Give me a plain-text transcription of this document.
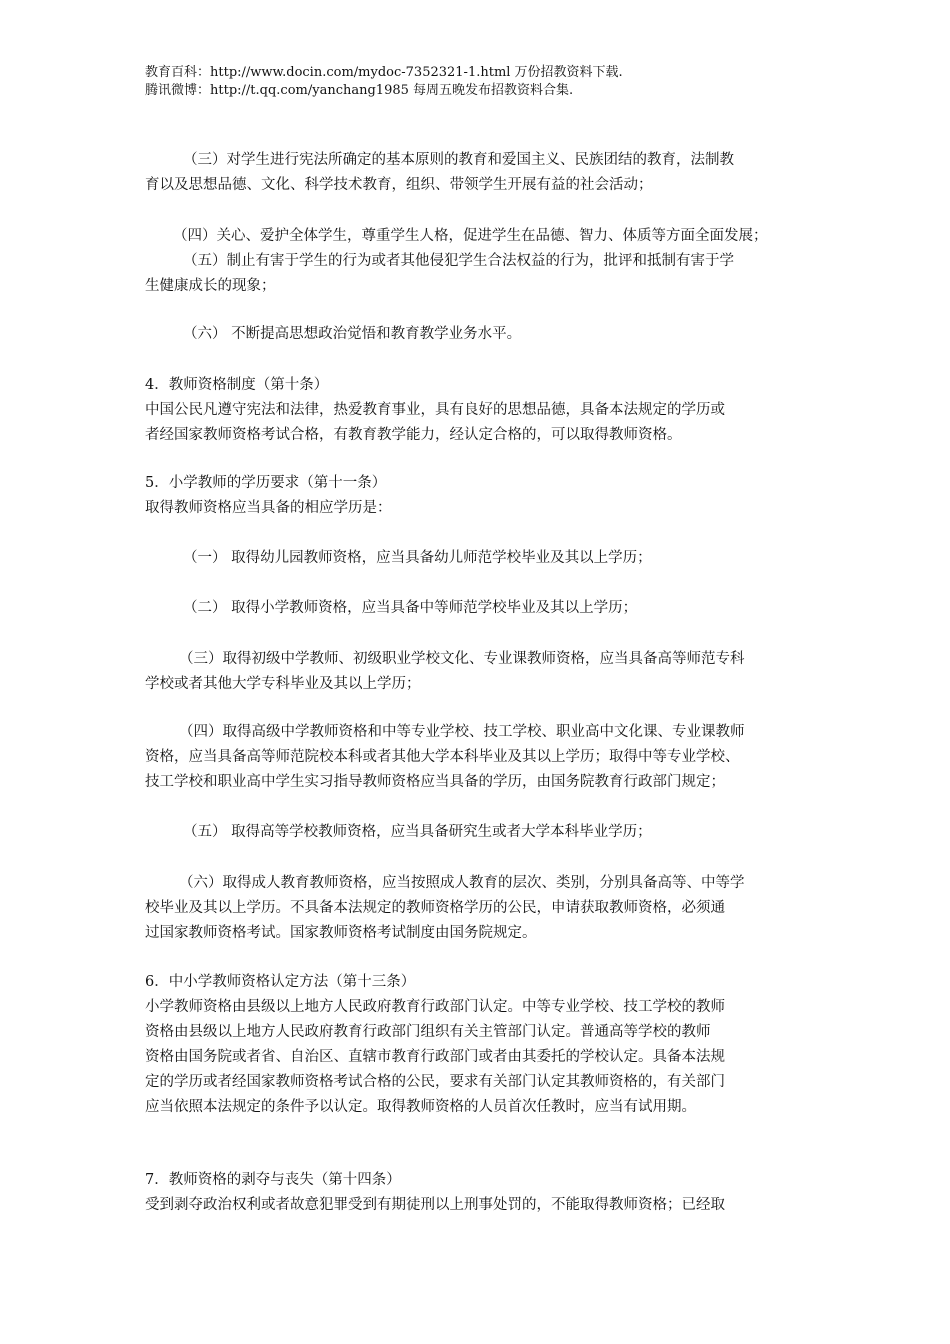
教育百科：http://www.docin.com/mydoc-7352321-1.html 万份招教资料下载.
腾讯微博：http://t.qq.com/yanchang1985 每周五晚发布招教资料合集.
（三）对学生进行宪法所确定的基本原则的教育和爱国主义、民族团结的教育，法制教
育以及思想品德、文化、科学技术教育，组织、带领学生开展有益的社会活动；
（四）关心、爱护全体学生，尊重学生人格，促进学生在品德、智力、体质等方面全面发展；
（五）制止有害于学生的行为或者其他侵犯学生合法权益的行为，批评和抵制有害于学
生健康成长的现象；
（六） 不断提高思想政治觉悟和教育教学业务水平。
4．教师资格制度（第十条）
中国公民凡遵守宪法和法律，热爱教育事业，具有良好的思想品德，具备本法规定的学历或
者经国家教师资格考试合格，有教育教学能力，经认定合格的，可以取得教师资格。
5．小学教师的学历要求（第十一条）
取得教师资格应当具备的相应学历是：
（一） 取得幼儿园教师资格，应当具备幼儿师范学校毕业及其以上学历；
（二） 取得小学教师资格，应当具备中等师范学校毕业及其以上学历；
（三）取得初级中学教师、初级职业学校文化、专业课教师资格，应当具备高等师范专科
学校或者其他大学专科毕业及其以上学历；
（四）取得高级中学教师资格和中等专业学校、技工学校、职业高中文化课、专业课教师
资格，应当具备高等师范院校本科或者其他大学本科毕业及其以上学历；取得中等专业学校、
技工学校和职业高中学生实习指导教师资格应当具备的学历，由国务院教育行政部门规定；
（五） 取得高等学校教师资格，应当具备研究生或者大学本科毕业学历；
（六）取得成人教育教师资格，应当按照成人教育的层次、类别，分别具备高等、中等学
校毕业及其以上学历。不具备本法规定的教师资格学历的公民，申请获取教师资格，必须通
过国家教师资格考试。国家教师资格考试制度由国务院规定。
6．中小学教师资格认定方法（第十三条）
小学教师资格由县级以上地方人民政府教育行政部门认定。中等专业学校、技工学校的教师
资格由县级以上地方人民政府教育行政部门组织有关主管部门认定。普通高等学校的教师
资格由国务院或者省、自治区、直辖市教育行政部门或者由其委托的学校认定。具备本法规
定的学历或者经国家教师资格考试合格的公民，要求有关部门认定其教师资格的，有关部门
应当依照本法规定的条件予以认定。取得教师资格的人员首次任教时，应当有试用期。
7．教师资格的剥夺与丧失（第十四条）
受到剥夺政治权利或者故意犯罪受到有期徒刑以上刑事处罚的，不能取得教师资格；已经取
